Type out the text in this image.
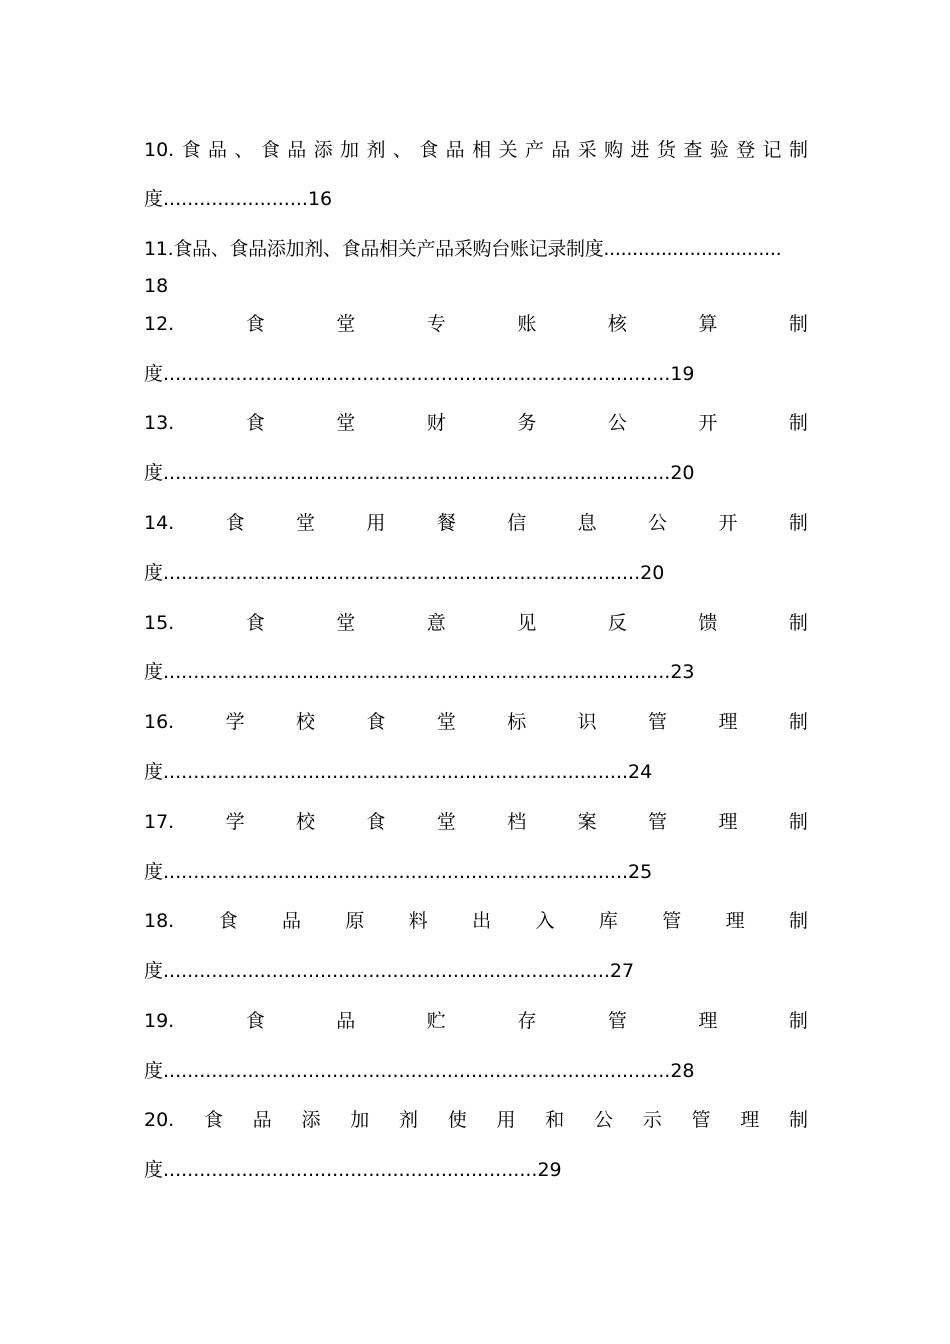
10. 食 品 、 食 品 添 加 剂 、 食 品 相 关 产 品 采 购 进 货 查 验 登 记 制
度........................16
11.食品、食品添加剂、食品相关产品采购台账记录制度...............................
18
12.	食	堂	专	账	核	算	制
度....................................................................................19
13.	食	堂	财	务	公	开	制
度....................................................................................20
14.	食	堂	用	餐	信	息	公	开	制
度...............................................................................20
15.	食	堂	意	见	反	馈	制
度....................................................................................23
16.	学	校	食	堂	标	识	管	理	制
度.............................................................................24
17.	学	校	食	堂	档	案	管	理	制
度.............................................................................25
18. 食 品 原 料 出 入 库 管 理 制
度..........................................................................27
19.	食	品	贮	存	管	理	制
度....................................................................................28
20. 食 品 添 加 剂 使 用 和 公 示 管 理 制
度..............................................................29
